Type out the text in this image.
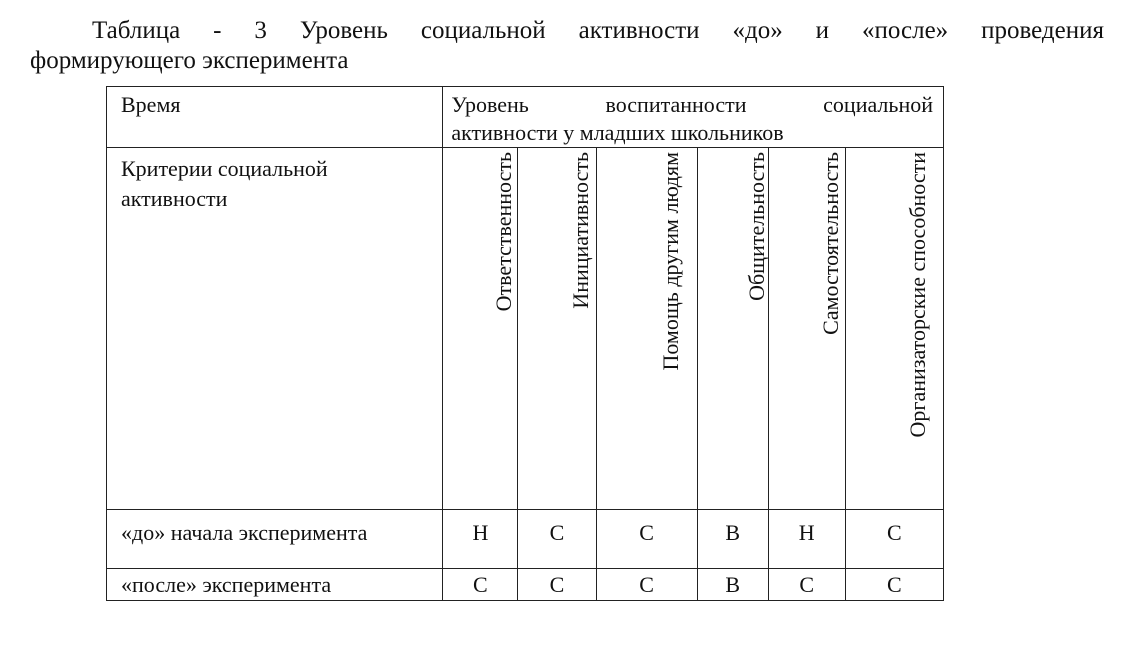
Таблица - 3 Уровень социальной активности «до» и «после» проведения
формирующего эксперимента
Время	Уровень воспитанности социальной
активности у младших школьников					

Критерии социальной активности	Ответственность	Инициативность	Помощь другим людям	Общительность	Самостоятельность	Организаторские способности

«до» начала эксперимента	Н	С	С	В	Н	С

«после» эксперимента	С	С	С	В	С	С
